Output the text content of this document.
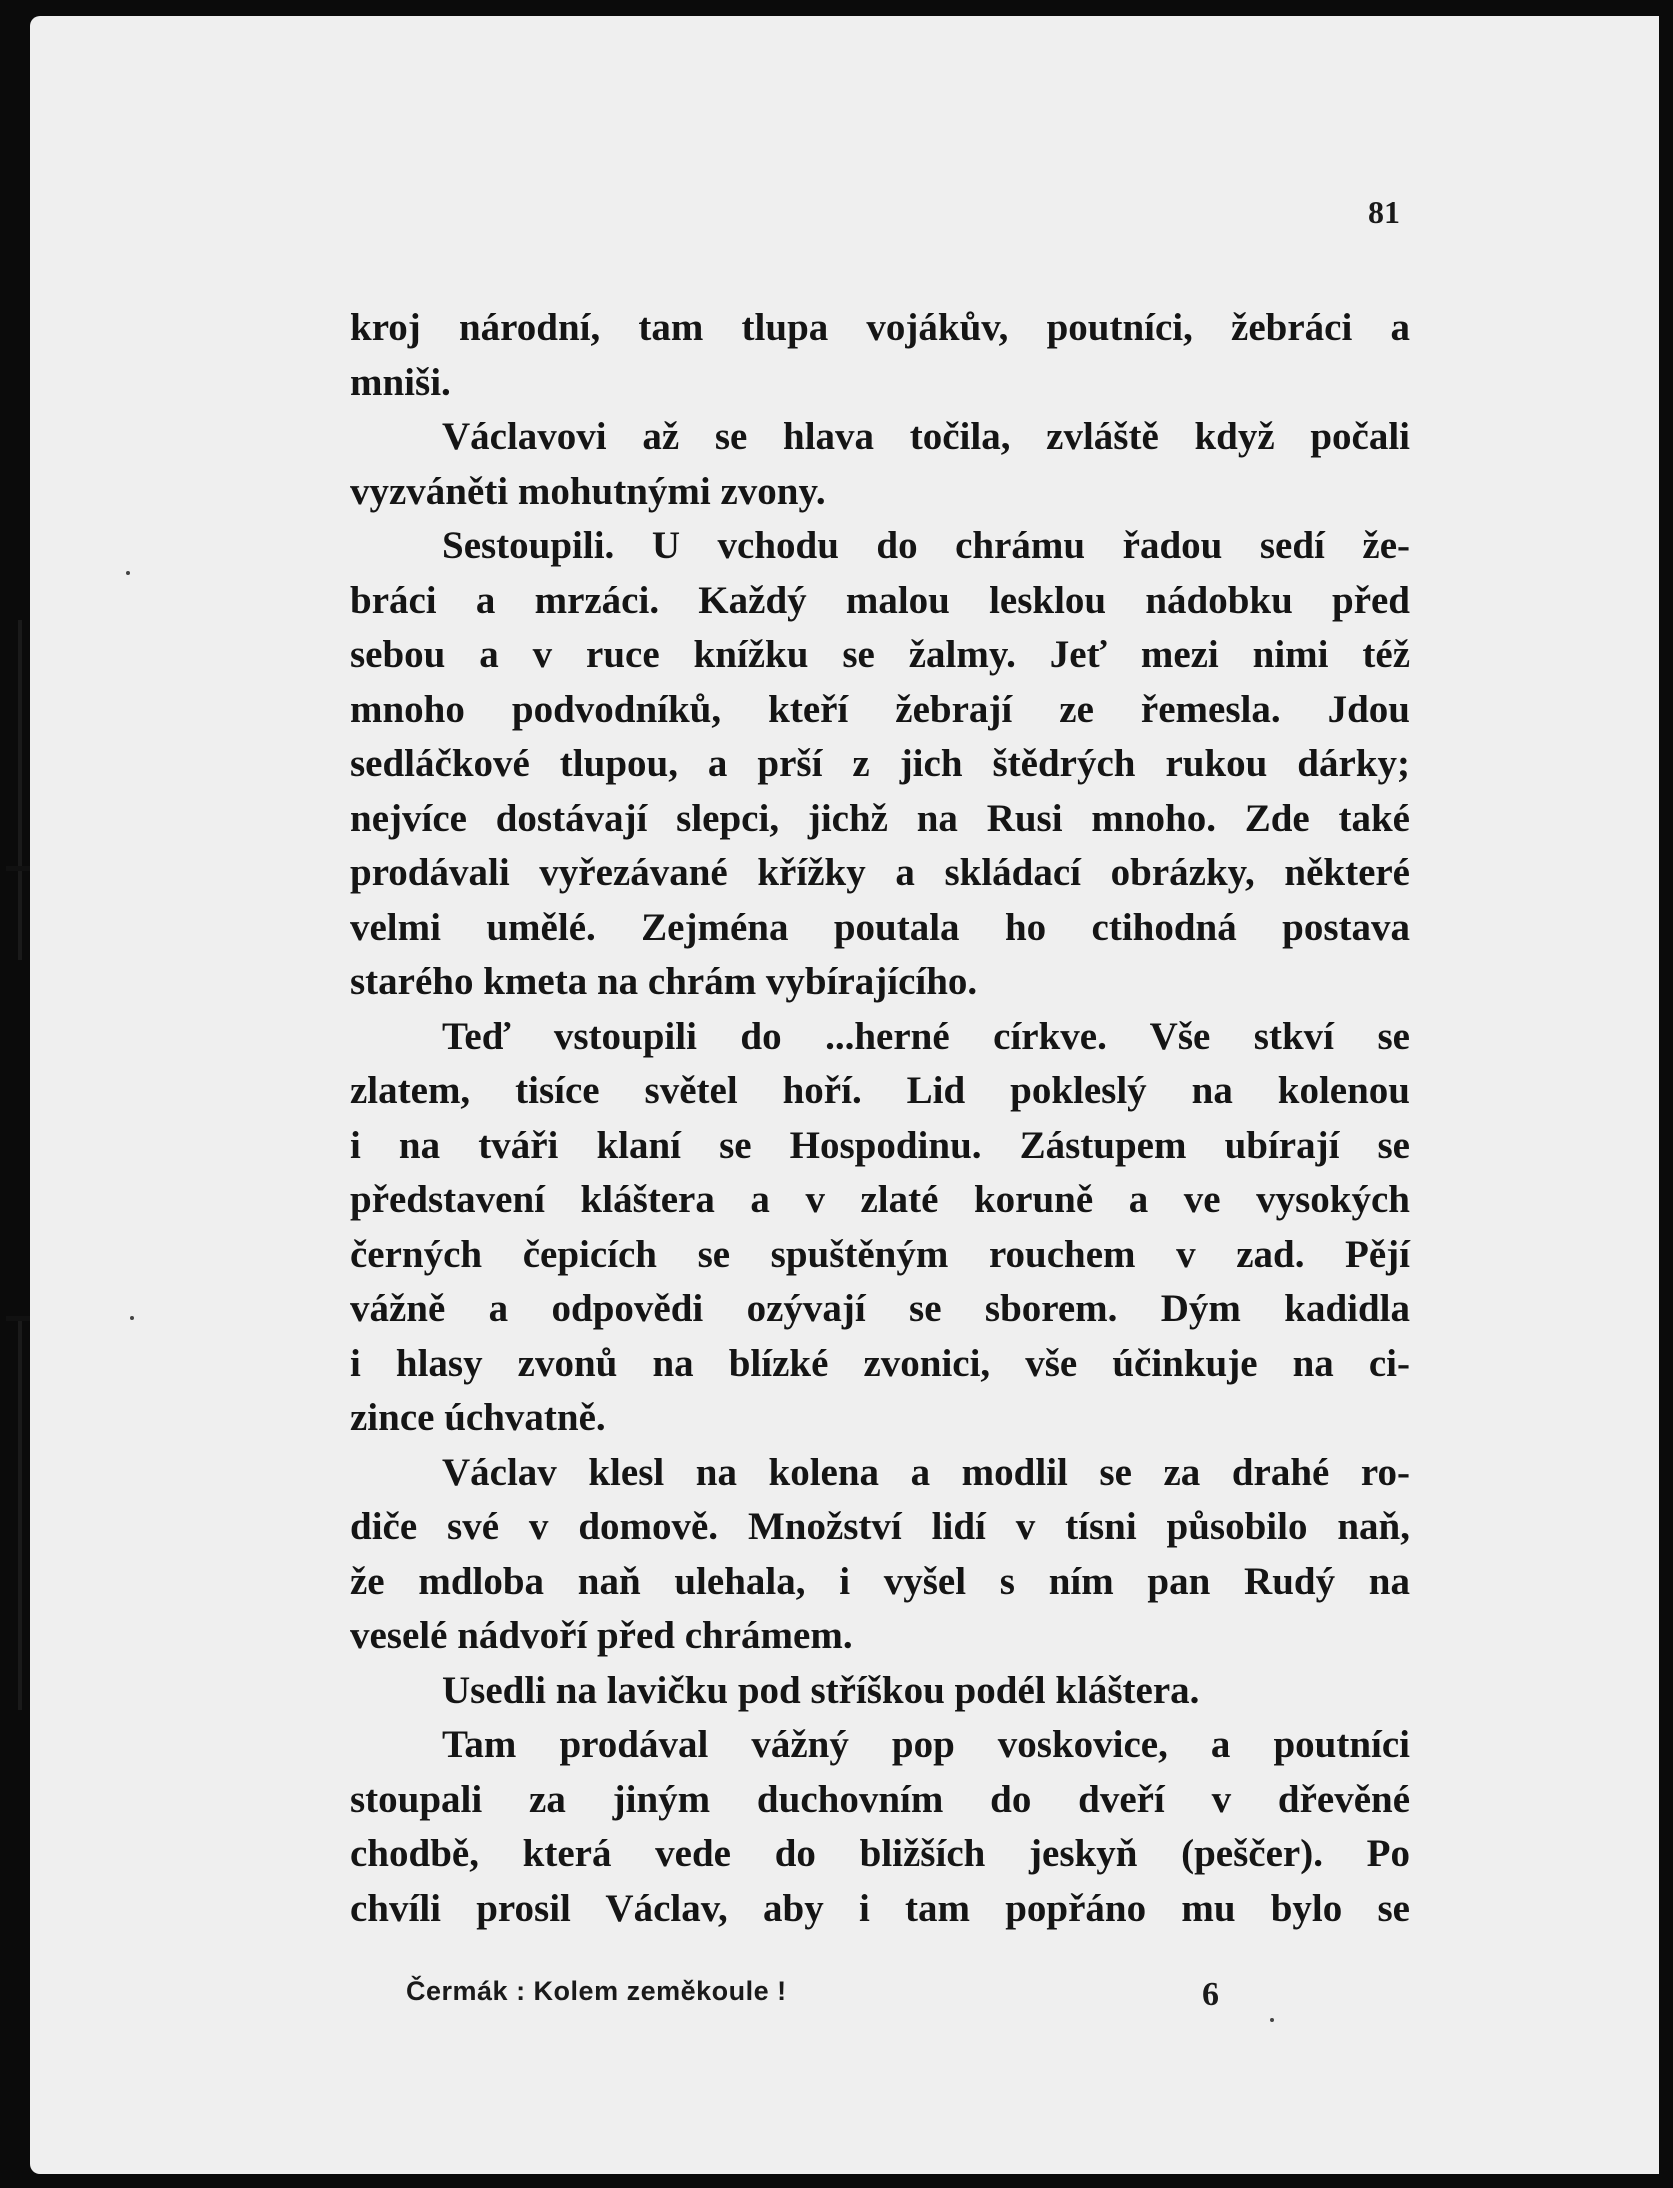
81
kroj národní, tam tlupa vojákův, poutníci, žebráci a
mniši.
Václavovi až se hlava točila, zvláště když počali
vyzváněti mohutnými zvony.
Sestoupili. U vchodu do chrámu řadou sedí že-
bráci a mrzáci. Každý malou lesklou nádobku před
sebou a v ruce knížku se žalmy. Jeť mezi nimi též
mnoho podvodníků, kteří žebrají ze řemesla. Jdou
sedláčkové tlupou, a prší z jich štědrých rukou dárky;
nejvíce dostávají slepci, jichž na Rusi mnoho. Zde také
prodávali vyřezávané křížky a skládací obrázky, některé
velmi umělé. Zejména poutala ho ctihodná postava
starého kmeta na chrám vybírajícího.
Teď vstoupili do ...herné církve. Vše stkví se
zlatem, tisíce světel hoří. Lid pokleslý na kolenou
i na tváři klaní se Hospodinu. Zástupem ubírají se
představení kláštera a v zlaté koruně a ve vysokých
černých čepicích se spuštěným rouchem v zad. Pějí
vážně a odpovědi ozývají se sborem. Dým kadidla
i hlasy zvonů na blízké zvonici, vše účinkuje na ci-
zince úchvatně.
Václav klesl na kolena a modlil se za drahé ro-
diče své v domově. Množství lidí v tísni působilo naň,
že mdloba naň ulehala, i vyšel s ním pan Rudý na
veselé nádvoří před chrámem.
Usedli na lavičku pod stříškou podél kláštera.
Tam prodával vážný pop voskovice, a poutníci
stoupali za jiným duchovním do dveří v dřevěné
chodbě, která vede do bližších jeskyň (peščer). Po
chvíli prosil Václav, aby i tam popřáno mu bylo se
Čermák : Kolem zeměkoule !	6
